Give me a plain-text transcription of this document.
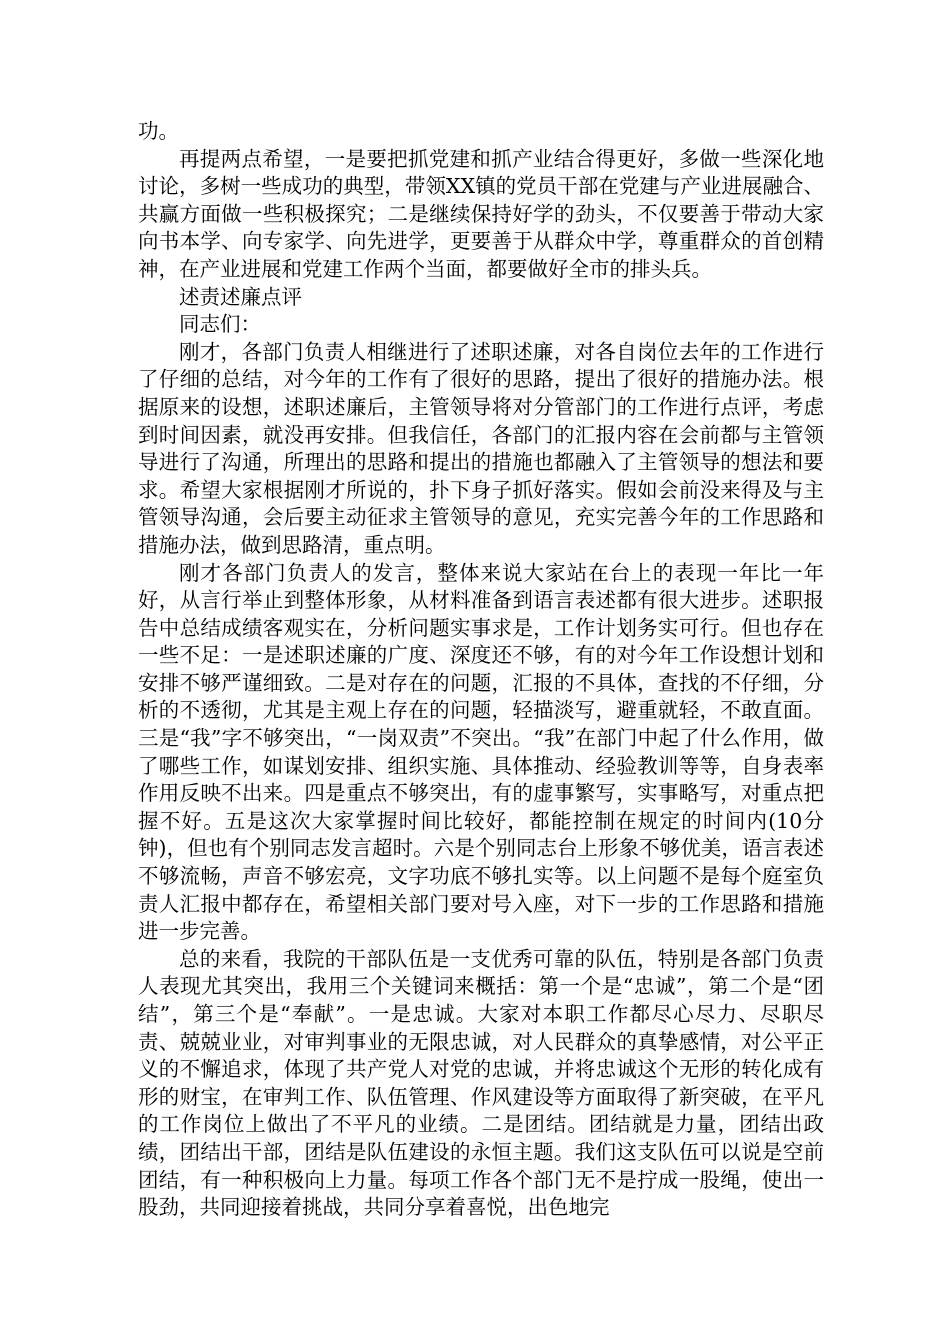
功。

再提两点希望，一是要把抓党建和抓产业结合得更好，多做一些深化地讨论，多树一些成功的典型，带领XX镇的党员干部在党建与产业进展融合、共赢方面做一些积极探究；二是继续保持好学的劲头，不仅要善于带动大家向书本学、向专家学、向先进学，更要善于从群众中学，尊重群众的首创精神，在产业进展和党建工作两个当面，都要做好全市的排头兵。

述责述廉点评

同志们：

刚才，各部门负责人相继进行了述职述廉，对各自岗位去年的工作进行了仔细的总结，对今年的工作有了很好的思路，提出了很好的措施办法。根据原来的设想，述职述廉后，主管领导将对分管部门的工作进行点评，考虑到时间因素，就没再安排。但我信任，各部门的汇报内容在会前都与主管领导进行了沟通，所理出的思路和提出的措施也都融入了主管领导的想法和要求。希望大家根据刚才所说的，扑下身子抓好落实。假如会前没来得及与主管领导沟通，会后要主动征求主管领导的意见，充实完善今年的工作思路和措施办法，做到思路清，重点明。

刚才各部门负责人的发言，整体来说大家站在台上的表现一年比一年好，从言行举止到整体形象，从材料准备到语言表述都有很大进步。述职报告中总结成绩客观实在，分析问题实事求是，工作计划务实可行。但也存在一些不足：一是述职述廉的广度、深度还不够，有的对今年工作设想计划和安排不够严谨细致。二是对存在的问题，汇报的不具体，查找的不仔细，分析的不透彻，尤其是主观上存在的问题，轻描淡写，避重就轻，不敢直面。三是“我”字不够突出，“一岗双责”不突出。“我”在部门中起了什么作用，做了哪些工作，如谋划安排、组织实施、具体推动、经验教训等等，自身表率作用反映不出来。四是重点不够突出，有的虚事繁写，实事略写，对重点把握不好。五是这次大家掌握时间比较好，都能控制在规定的时间内(10分钟)，但也有个别同志发言超时。六是个别同志台上形象不够优美，语言表述不够流畅，声音不够宏亮，文字功底不够扎实等。以上问题不是每个庭室负责人汇报中都存在，希望相关部门要对号入座，对下一步的工作思路和措施进一步完善。

总的来看，我院的干部队伍是一支优秀可靠的队伍，特别是各部门负责人表现尤其突出，我用三个关键词来概括：第一个是“忠诚”，第二个是“团结”，第三个是“奉献”。一是忠诚。大家对本职工作都尽心尽力、尽职尽责、兢兢业业，对审判事业的无限忠诚，对人民群众的真挚感情，对公平正义的不懈追求，体现了共产党人对党的忠诚，并将忠诚这个无形的转化成有形的财宝，在审判工作、队伍管理、作风建设等方面取得了新突破，在平凡的工作岗位上做出了不平凡的业绩。二是团结。团结就是力量，团结出政绩，团结出干部，团结是队伍建设的永恒主题。我们这支队伍可以说是空前团结，有一种积极向上力量。每项工作各个部门无不是拧成一股绳，使出一股劲，共同迎接着挑战，共同分享着喜悦，出色地完
